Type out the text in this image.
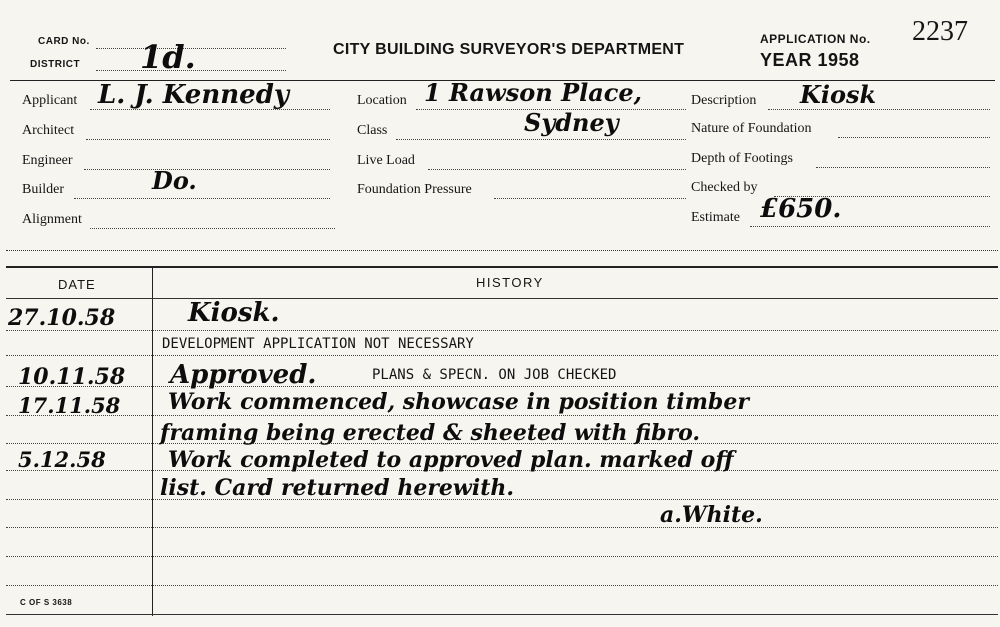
CARD No.
DISTRICT 1d.	CITY BUILDING SURVEYOR'S DEPARTMENT
APPLICATION No. 2237
YEAR 1958
Applicant L. J. Kennedy
Architect
Engineer
Builder	Do.
Alignment
Location 1 Rawson Place,
Class	Sydney
Live Load
Foundation Pressure
Description Kiosk
Nature of Foundation
Depth of Footings
Checked by
Estimate £650.
DATE	HISTORY
27.10.58	Kiosk.
DEVELOPMENT APPLICATION NOT NECESSARY
10.11.58 Approved.	PLANS & SPECN. ON JOB CHECKED
17.11.58 Work commenced, showcase in position timber
framing being erected & sheeted with fibro.
5.12.58	Work completed to approved plan. marked off
list. Card returned herewith.
a.White.
C OF S 3638
